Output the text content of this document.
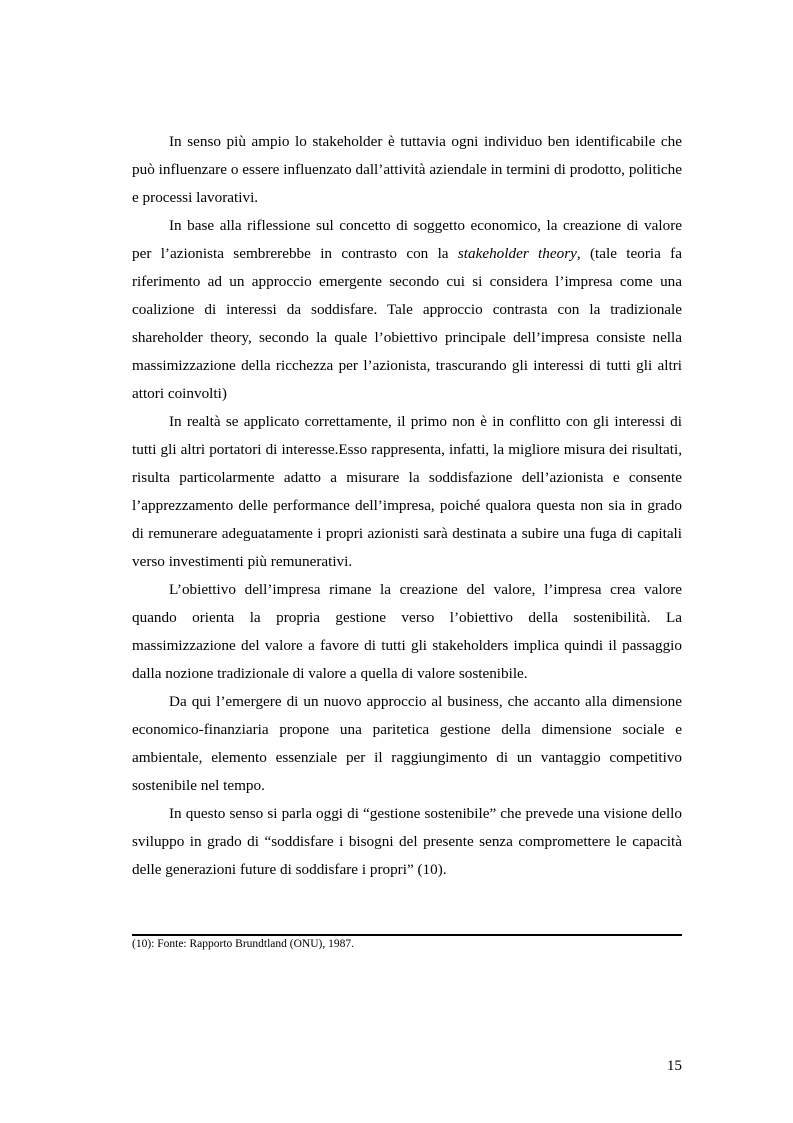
In senso più ampio lo stakeholder è tuttavia ogni individuo ben identificabile che può influenzare o essere influenzato dall’attività aziendale in termini di prodotto, politiche e processi lavorativi.

In base alla riflessione sul concetto di soggetto economico, la creazione di valore per l’azionista sembrerebbe in contrasto con la stakeholder theory, (tale teoria fa riferimento ad un approccio emergente secondo cui si considera l’impresa come una coalizione di interessi da soddisfare. Tale approccio contrasta con la tradizionale shareholder theory, secondo la quale l’obiettivo principale dell’impresa consiste nella massimizzazione della ricchezza per l’azionista, trascurando gli interessi di tutti gli altri attori coinvolti)

In realtà se applicato correttamente, il primo non è in conflitto con gli interessi di tutti gli altri portatori di interesse.Esso rappresenta, infatti, la migliore misura dei risultati, risulta particolarmente adatto a misurare la soddisfazione dell’azionista e consente l’apprezzamento delle performance dell’impresa, poiché qualora questa non sia in grado di remunerare adeguatamente i propri azionisti sarà destinata a subire una fuga di capitali verso investimenti più remunerativi.

L’obiettivo dell’impresa rimane la creazione del valore, l’impresa crea valore quando orienta la propria gestione verso l’obiettivo della sostenibilità. La massimizzazione del valore a favore di tutti gli stakeholders implica quindi il passaggio dalla nozione tradizionale di valore a quella di valore sostenibile.

Da qui l’emergere di un nuovo approccio al business, che accanto alla dimensione economico-finanziaria propone una paritetica gestione della dimensione sociale e ambientale, elemento essenziale per il raggiungimento di un vantaggio competitivo sostenibile nel tempo.

In questo senso si parla oggi di “gestione sostenibile” che prevede una visione dello sviluppo in grado di “soddisfare i bisogni del presente senza compromettere le capacità delle generazioni future di soddisfare i propri” (10).

(10): Fonte: Rapporto Brundtland (ONU), 1987.

15
